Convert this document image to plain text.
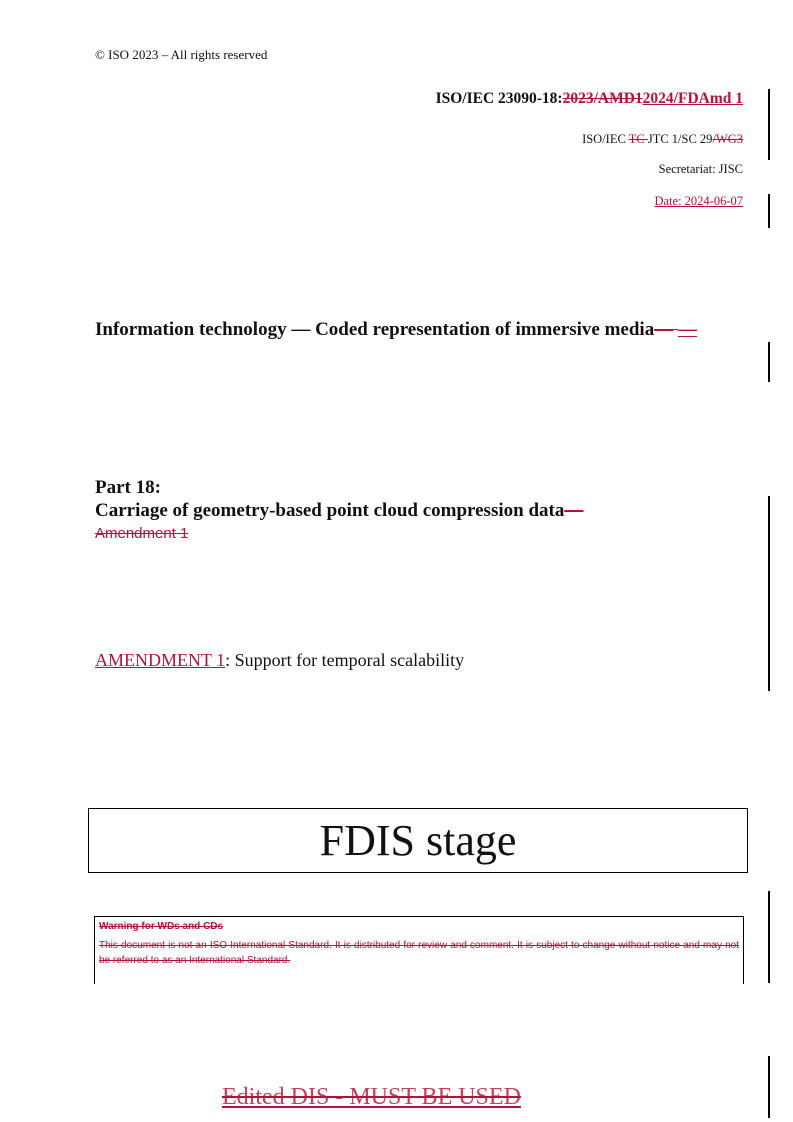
© ISO 2023 – All rights reserved
ISO/IEC 23090-18:2023/AMD12024/FDAmd 1
ISO/IEC TC JTC 1/SC 29/WG3
Secretariat: JISC
Date: 2024-06-07
Information technology — Coded representation of immersive media— —
Part 18:
Carriage of geometry-based point cloud compression data—
Amendment 1
AMENDMENT 1: Support for temporal scalability
FDIS stage
Warning for WDs and CDs
This document is not an ISO International Standard. It is distributed for review and comment. It is subject to change without notice and may not be referred to as an International Standard.
Edited DIS - MUST BE USED
